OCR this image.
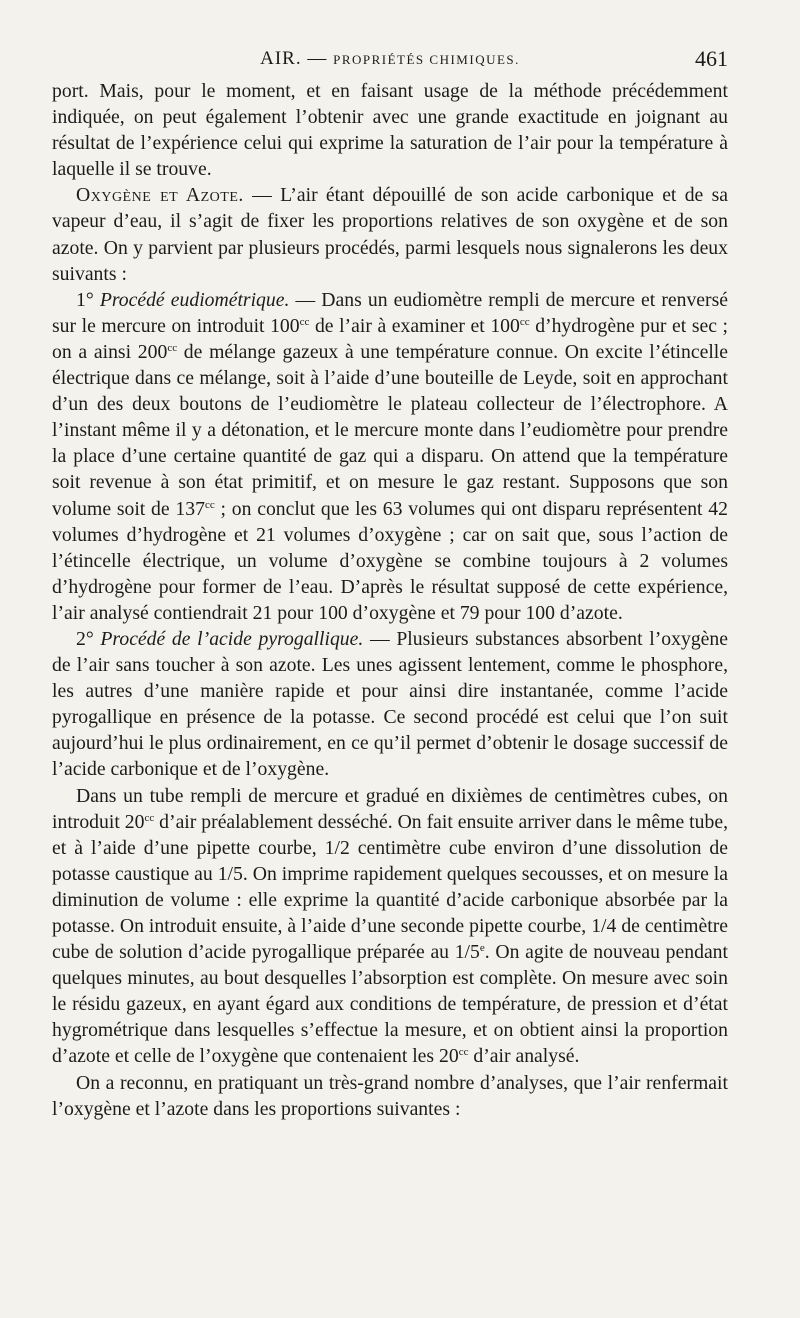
AIR. — PROPRIÉTÉS CHIMIQUES.	461

port. Mais, pour le moment, et en faisant usage de la méthode précédemment indiquée, on peut également l’obtenir avec une grande exactitude en joignant au résultat de l’expérience celui qui exprime la saturation de l’air pour la température à laquelle il se trouve.

Oxygène et Azote. — L’air étant dépouillé de son acide carbonique et de sa vapeur d’eau, il s’agit de fixer les proportions relatives de son oxygène et de son azote. On y parvient par plusieurs procédés, parmi lesquels nous signalerons les deux suivants :

1° Procédé eudiométrique. — Dans un eudiomètre rempli de mercure et renversé sur le mercure on introduit $100^{cc}$ de l’air à examiner et $100^{cc}$ d’hydrogène pur et sec ; on a ainsi $200^{cc}$ de mélange gazeux à une température connue. On excite l’étincelle électrique dans ce mélange, soit à l’aide d’une bouteille de Leyde, soit en approchant d’un des deux boutons de l’eudiomètre le plateau collecteur de l’électrophore. A l’instant même il y a détonation, et le mercure monte dans l’eudiomètre pour prendre la place d’une certaine quantité de gaz qui a disparu. On attend que la température soit revenue à son état primitif, et on mesure le gaz restant. Supposons que son volume soit de $137^{cc}$ ; on conclut que les 63 volumes qui ont disparu représentent 42 volumes d’hydrogène et 21 volumes d’oxygène ; car on sait que, sous l’action de l’étincelle électrique, un volume d’oxygène se combine toujours à 2 volumes d’hydrogène pour former de l’eau. D’après le résultat supposé de cette expérience, l’air analysé contiendrait 21 pour 100 d’oxygène et 79 pour 100 d’azote.

2° Procédé de l’acide pyrogallique. — Plusieurs substances absorbent l’oxygène de l’air sans toucher à son azote. Les unes agissent lentement, comme le phosphore, les autres d’une manière rapide et pour ainsi dire instantanée, comme l’acide pyrogallique en présence de la potasse. Ce second procédé est celui que l’on suit aujourd’hui le plus ordinairement, en ce qu’il permet d’obtenir le dosage successif de l’acide carbonique et de l’oxygène.

Dans un tube rempli de mercure et gradué en dixièmes de centimètres cubes, on introduit $20^{cc}$ d’air préalablement desséché. On fait ensuite arriver dans le même tube, et à l’aide d’une pipette courbe, 1/2 centimètre cube environ d’une dissolution de potasse caustique au 1/5. On imprime rapidement quelques secousses, et on mesure la diminution de volume : elle exprime la quantité d’acide carbonique absorbée par la potasse. On introduit ensuite, à l’aide d’une seconde pipette courbe, 1/4 de centimètre cube de solution d’acide pyrogallique préparée au 1/5e. On agite de nouveau pendant quelques minutes, au bout desquelles l’absorption est complète. On mesure avec soin le résidu gazeux, en ayant égard aux conditions de température, de pression et d’état hygrométrique dans lesquelles s’effectue la mesure, et on obtient ainsi la proportion d’azote et celle de l’oxygène que contenaient les $20^{cc}$ d’air analysé.

On a reconnu, en pratiquant un très-grand nombre d’analyses, que l’air renfermait l’oxygène et l’azote dans les proportions suivantes :
